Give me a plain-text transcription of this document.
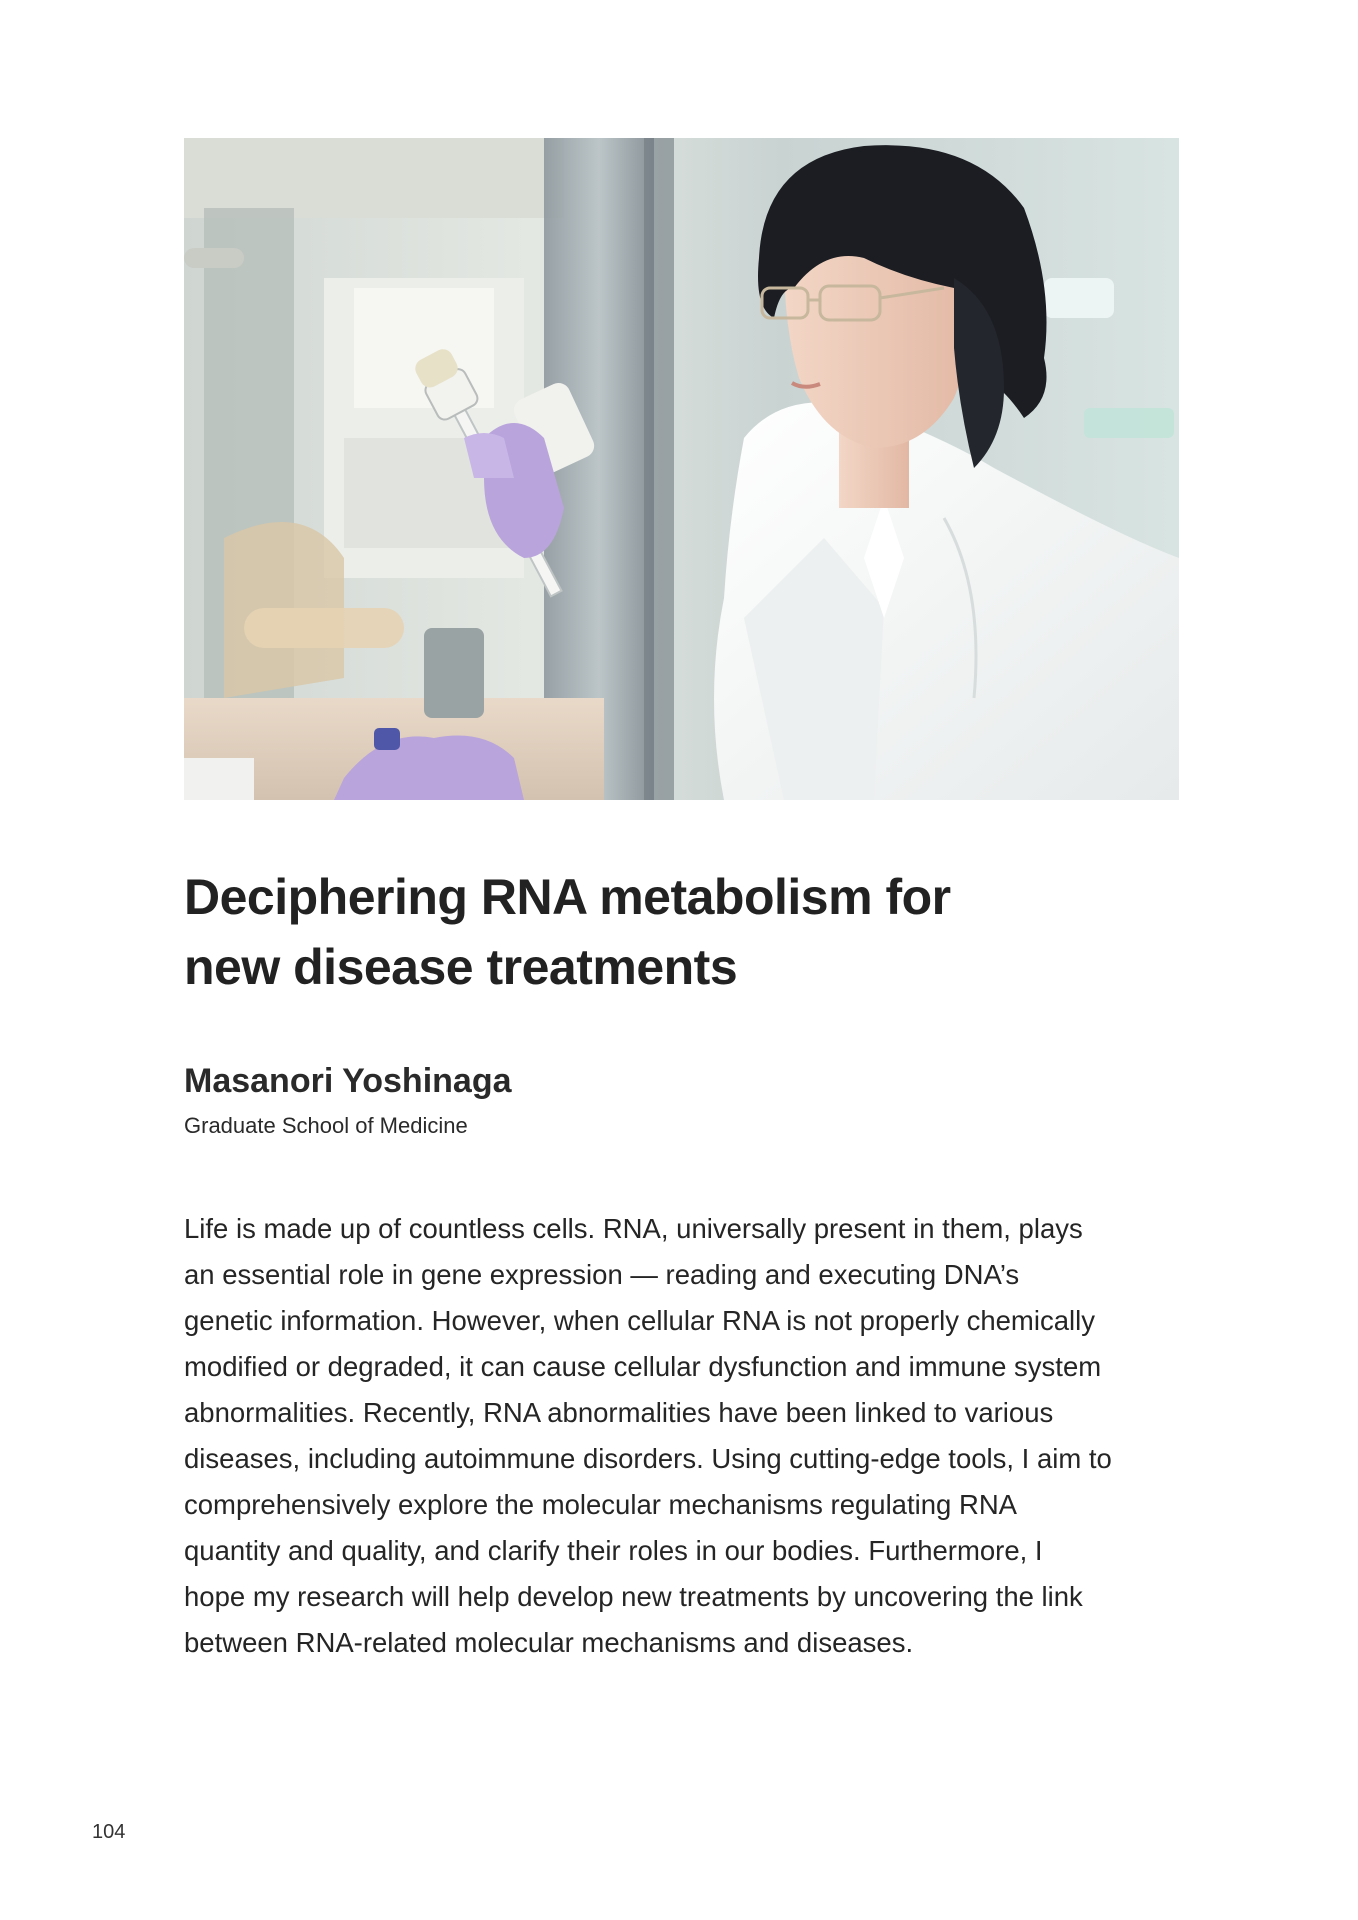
Deciphering RNA metabolism for
new disease treatments

Masanori Yoshinaga

Graduate School of Medicine

Life is made up of countless cells. RNA, universally present in them, plays
an essential role in gene expression — reading and executing DNA’s
genetic information. However, when cellular RNA is not properly chemically
modified or degraded, it can cause cellular dysfunction and immune system
abnormalities. Recently, RNA abnormalities have been linked to various
diseases, including autoimmune disorders. Using cutting-edge tools, I aim to
comprehensively explore the molecular mechanisms regulating RNA
quantity and quality, and clarify their roles in our bodies. Furthermore, I
hope my research will help develop new treatments by uncovering the link
between RNA-related molecular mechanisms and diseases.

104
